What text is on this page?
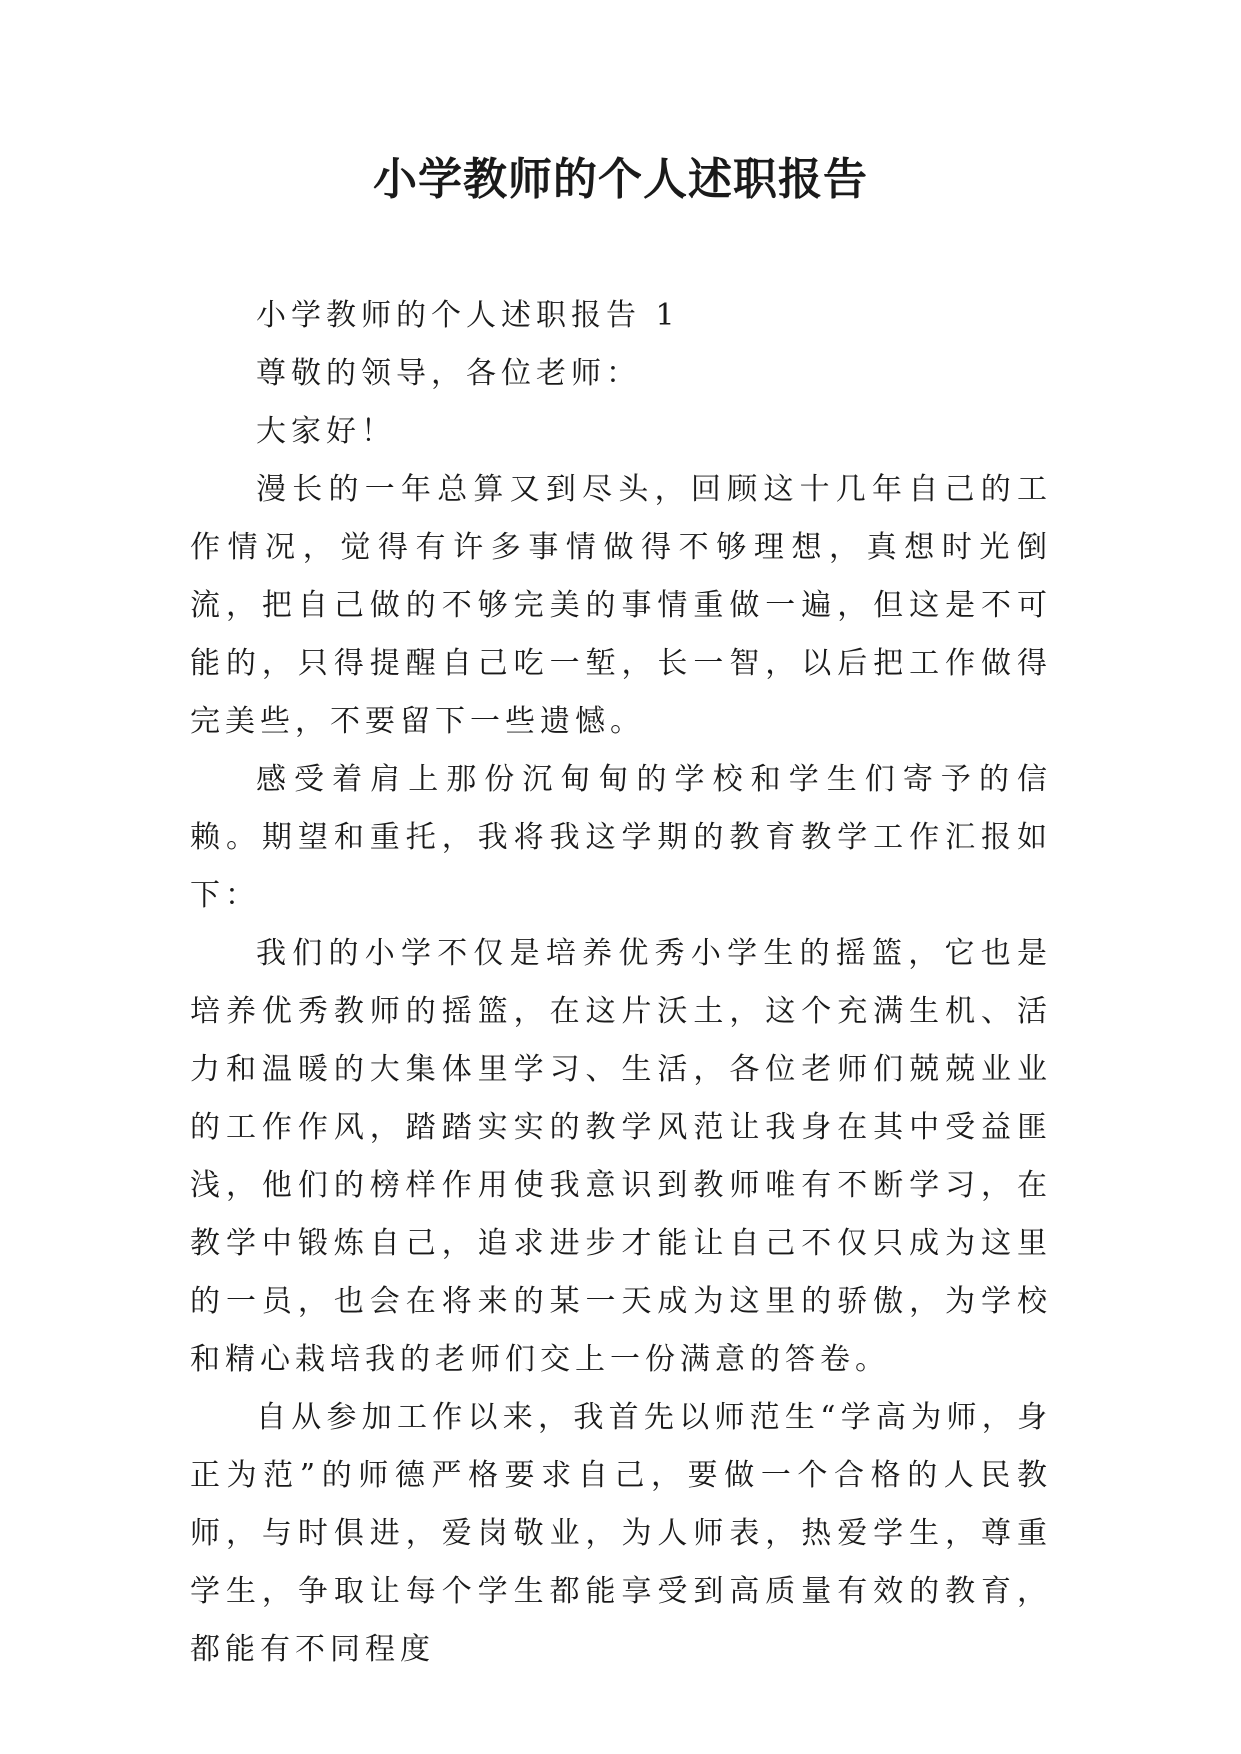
小学教师的个人述职报告

小学教师的个人述职报告 1

尊敬的领导，各位老师：

大家好！

漫长的一年总算又到尽头，回顾这十几年自己的工作情况，觉得有许多事情做得不够理想，真想时光倒流，把自己做的不够完美的事情重做一遍，但这是不可能的，只得提醒自己吃一堑，长一智，以后把工作做得完美些，不要留下一些遗憾。

感受着肩上那份沉甸甸的学校和学生们寄予的信赖。期望和重托，我将我这学期的教育教学工作汇报如下：

我们的小学不仅是培养优秀小学生的摇篮，它也是培养优秀教师的摇篮，在这片沃土，这个充满生机、活力和温暖的大集体里学习、生活，各位老师们兢兢业业的工作作风，踏踏实实的教学风范让我身在其中受益匪浅，他们的榜样作用使我意识到教师唯有不断学习，在教学中锻炼自己，追求进步才能让自己不仅只成为这里的一员，也会在将来的某一天成为这里的骄傲，为学校和精心栽培我的老师们交上一份满意的答卷。

自从参加工作以来，我首先以师范生“学高为师，身正为范”的师德严格要求自己，要做一个合格的人民教师，与时俱进，爱岗敬业，为人师表，热爱学生，尊重学生，争取让每个学生都能享受到高质量有效的教育，都能有不同程度
